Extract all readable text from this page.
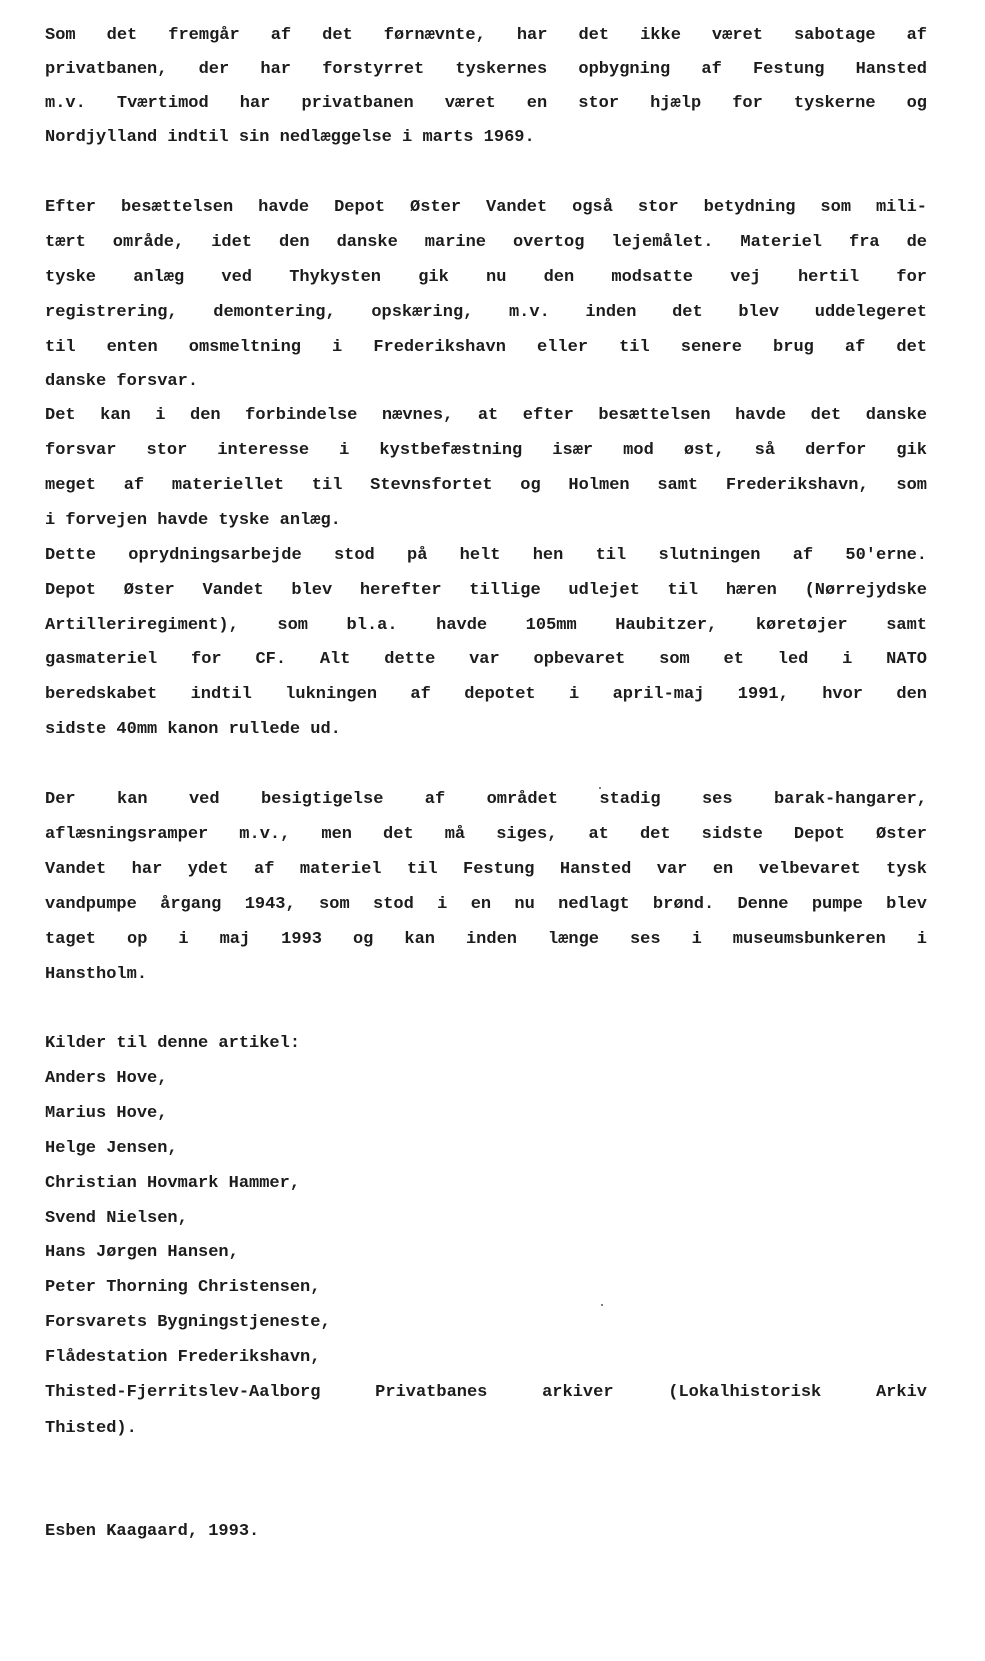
Som det fremgår af det førnævnte, har det ikke været sabotage af
privatbanen, der har forstyrret tyskernes opbygning af Festung Hansted
m.v. Tværtimod har privatbanen været en stor hjælp for tyskerne og
Nordjylland indtil sin nedlæggelse i marts 1969.
Efter besættelsen havde Depot Øster Vandet også stor betydning som mili-
tært område, idet den danske marine overtog lejemålet. Materiel fra de
tyske anlæg ved Thykysten gik nu den modsatte vej hertil for
registrering, demontering, opskæring, m.v. inden det blev uddelegeret
til enten omsmeltning i Frederikshavn eller til senere brug af det
danske forsvar.
Det kan i den forbindelse nævnes, at efter besættelsen havde det danske
forsvar stor interesse i kystbefæstning især mod øst, så derfor gik
meget af materiellet til Stevnsfortet og Holmen samt Frederikshavn, som
i forvejen havde tyske anlæg.
Dette oprydningsarbejde stod på helt hen til slutningen af 50'erne.
Depot Øster Vandet blev herefter tillige udlejet til hæren (Nørrejydske
Artilleriregiment), som bl.a. havde 105mm Haubitzer, køretøjer samt
gasmateriel for CF. Alt dette var opbevaret som et led i NATO
beredskabet indtil lukningen af depotet i april-maj 1991, hvor den
sidste 40mm kanon rullede ud.
Der kan ved besigtigelse af området stadig ses barak-hangarer,
aflæsningsramper m.v., men det må siges, at det sidste Depot Øster
Vandet har ydet af materiel til Festung Hansted var en velbevaret tysk
vandpumpe årgang 1943, som stod i en nu nedlagt brønd. Denne pumpe blev
taget op i maj 1993 og kan inden længe ses i museumsbunkeren i
Hanstholm.
Kilder til denne artikel:
Anders Hove,
Marius Hove,
Helge Jensen,
Christian Hovmark Hammer,
Svend Nielsen,
Hans Jørgen Hansen,
Peter Thorning Christensen,
Forsvarets Bygningstjeneste,
Flådestation Frederikshavn,
Thisted-Fjerritslev-Aalborg Privatbanes arkiver (Lokalhistorisk Arkiv
Thisted).
Esben Kaagaard, 1993.
